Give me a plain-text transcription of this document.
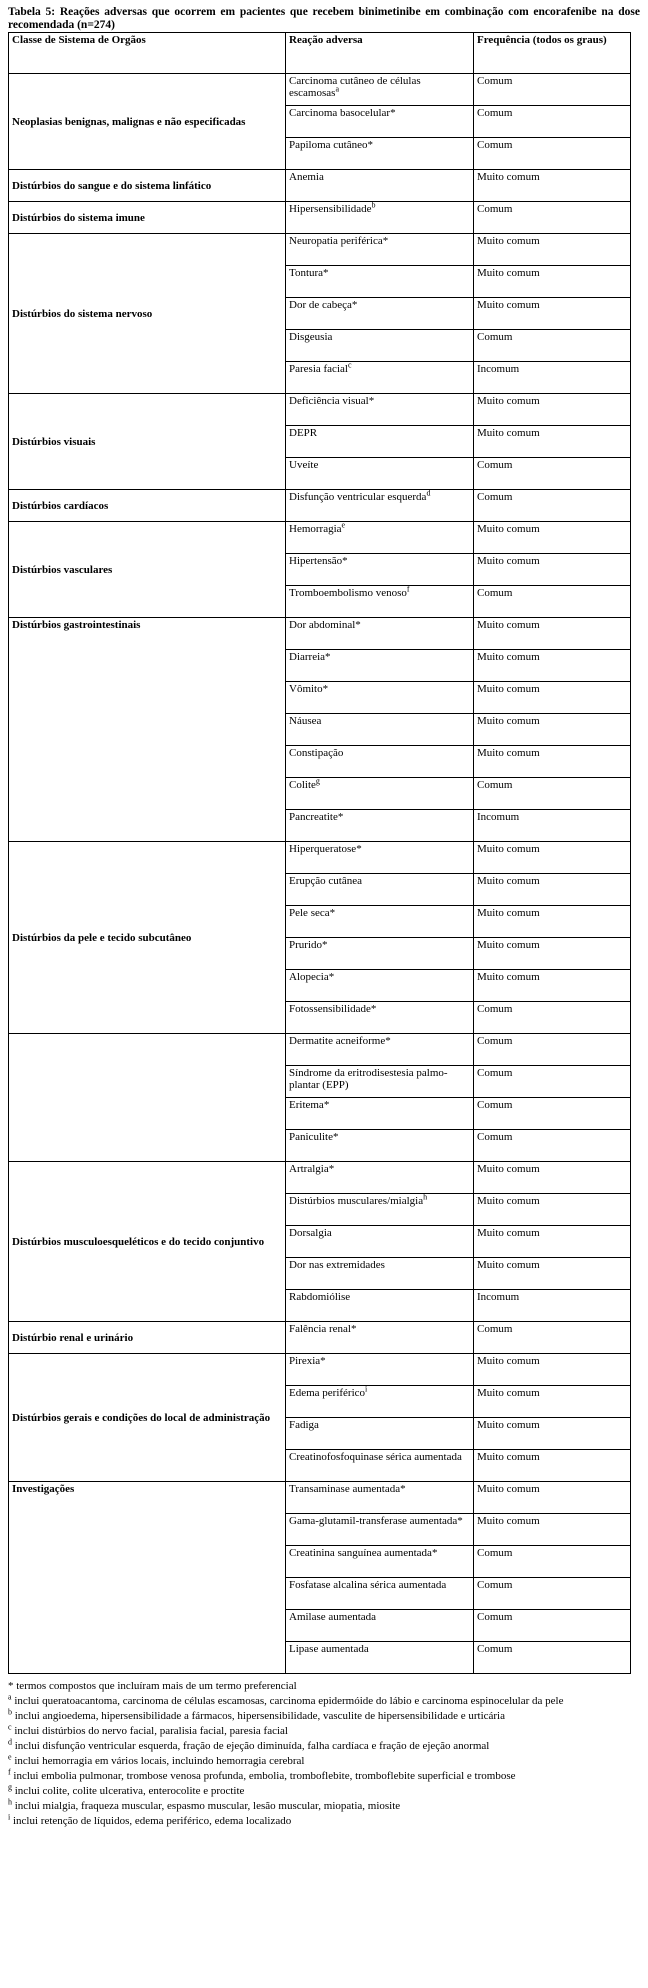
Tabela 5: Reações adversas que ocorrem em pacientes que recebem binimetinibe em combinação com encorafenibe na dose recomendada (n=274)
Classe de Sistema de Orgãos	Reação adversa	Frequência (todos os graus)
Neoplasias benignas, malignas e não especificadas	Carcinoma cutâneo de células escamosas$^a$	Comum
	Carcinoma basocelular*	Comum
	Papiloma cutâneo*	Comum
Distúrbios do sangue e do sistema linfático	Anemia	Muito comum
Distúrbios do sistema imune	Hipersensibilidade$^b$	Comum
Distúrbios do sistema nervoso	Neuropatia periférica*	Muito comum
	Tontura*	Muito comum
	Dor de cabeça*	Muito comum
	Disgeusia	Comum
	Paresia facial$^c$	Incomum
Distúrbios visuais	Deficiência visual*	Muito comum
	DEPR	Muito comum
	Uveíte	Comum
Distúrbios cardíacos	Disfunção ventricular esquerda$^d$	Comum
Distúrbios vasculares	Hemorragia$^e$	Muito comum
	Hipertensão*	Muito comum
	Tromboembolismo venoso$^f$	Comum
Distúrbios gastrointestinais	Dor abdominal*	Muito comum
	Diarreia*	Muito comum
	Vômito*	Muito comum
	Náusea	Muito comum
	Constipação	Muito comum
	Colite$^g$	Comum
	Pancreatite*	Incomum
Distúrbios da pele e tecido subcutâneo	Hiperqueratose*	Muito comum
	Erupção cutânea	Muito comum
	Pele seca*	Muito comum
	Prurido*	Muito comum
	Alopecia*	Muito comum
	Fotossensibilidade*	Comum
	Dermatite acneiforme*	Comum
	Síndrome da eritrodisestesia palmo-plantar (EPP)	Comum
	Eritema*	Comum
	Paniculite*	Comum
Distúrbios musculoesqueléticos e do tecido conjuntivo	Artralgia*	Muito comum
	Distúrbios musculares/mialgia$^h$	Muito comum
	Dorsalgia	Muito comum
	Dor nas extremidades	Muito comum
	Rabdomiólise	Incomum
Distúrbio renal e urinário	Falência renal*	Comum
Distúrbios gerais e condições do local de administração	Pirexia*	Muito comum
	Edema periférico$^i$	Muito comum
	Fadiga	Muito comum
	Creatinofosfoquinase sérica aumentada	Muito comum
Investigações	Transaminase aumentada*	Muito comum
	Gama-glutamil-transferase aumentada*	Muito comum
	Creatinina sanguínea aumentada*	Comum
	Fosfatase alcalina sérica aumentada	Comum
	Amilase aumentada	Comum
	Lipase aumentada	Comum
* termos compostos que incluíram mais de um termo preferencial
$^a$ inclui queratoacantoma, carcinoma de células escamosas, carcinoma epidermóide do lábio e carcinoma espinocelular da pele
$^b$ inclui angioedema, hipersensibilidade a fármacos, hipersensibilidade, vasculite de hipersensibilidade e urticária
$^c$ inclui distúrbios do nervo facial, paralisia facial, paresia facial
$^d$ inclui disfunção ventricular esquerda, fração de ejeção diminuída, falha cardíaca e fração de ejeção anormal
$^e$ inclui hemorragia em vários locais, incluindo hemorragia cerebral
$^f$ inclui embolia pulmonar, trombose venosa profunda, embolia, tromboflebite, tromboflebite superficial e trombose
$^g$ inclui colite, colite ulcerativa, enterocolite e proctite
$^h$ inclui mialgia, fraqueza muscular, espasmo muscular, lesão muscular, miopatia, miosite
$^i$ inclui retenção de líquidos, edema periférico, edema localizado
